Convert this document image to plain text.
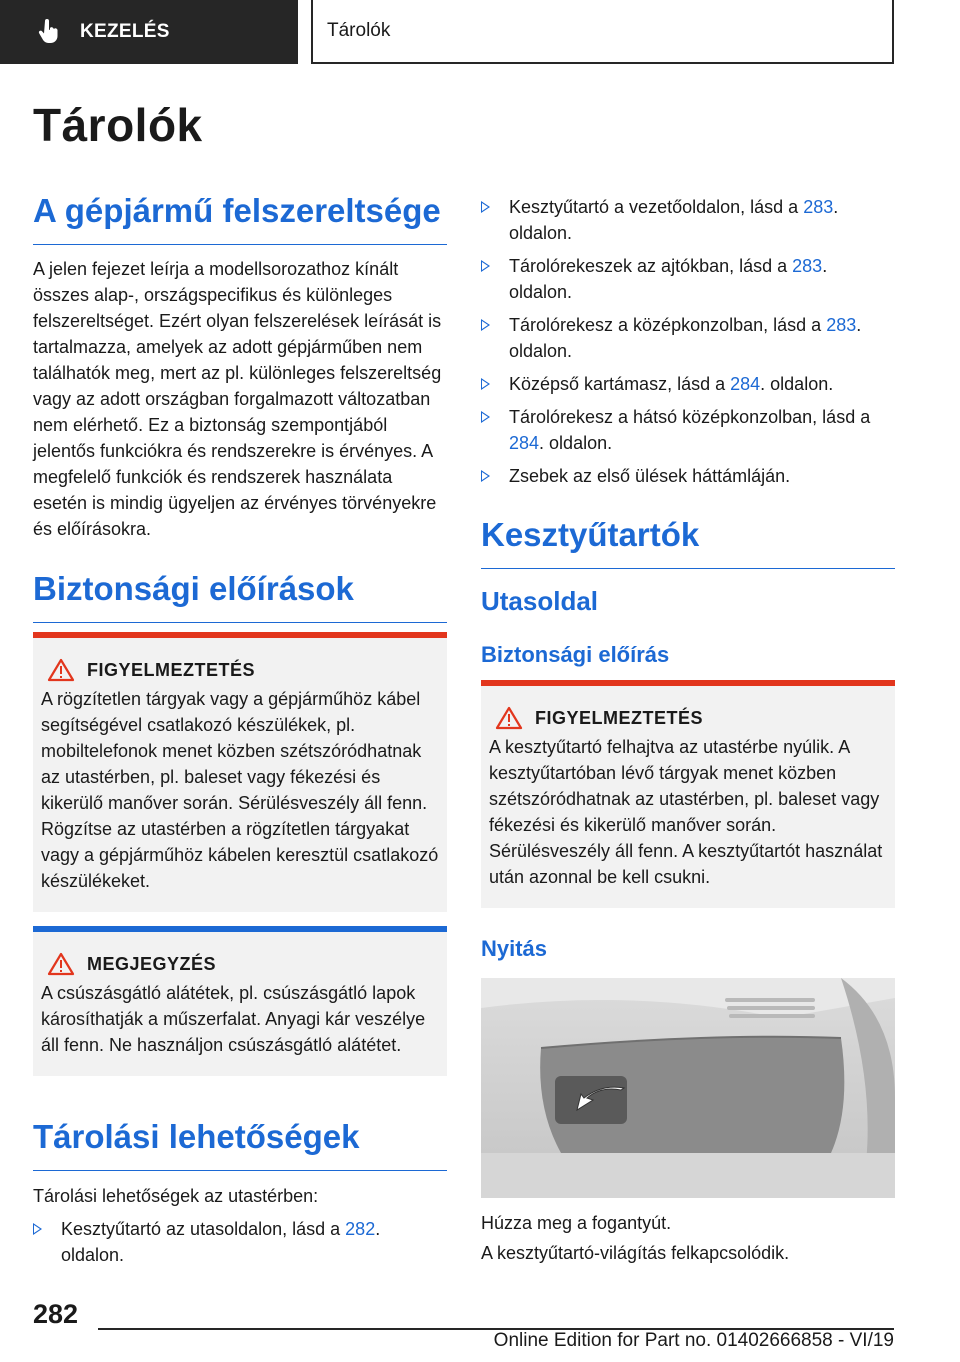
KEZELÉS	Tárolók
Tárolók
A gépjármű felszereltsége

A jelen fejezet leírja a modellsorozathoz kínált összes alap-, országspecifikus és különleges felszereltséget. Ezért olyan felszerelések leírását is tartalmazza, amelyek az adott gépjárműben nem találhatók meg, mert az pl. különleges felszereltség vagy az adott országban forgalmazott változatban nem elérhető. Ez a biztonság szempontjából jelentős funkciókra és rendszerekre is érvényes. A megfelelő funkciók és rendszerek használata esetén is mindig ügyeljen az érvényes törvényekre és előírásokra.

Biztonsági előírások
FIGYELMEZTETÉS

A rögzítetlen tárgyak vagy a gépjárműhöz kábel segítségével csatlakozó készülékek, pl. mobiltelefonok menet közben szétszóródhatnak az utastérben, pl. baleset vagy fékezési és kikerülő manőver során. Sérülésveszély áll fenn. Rögzítse az utastérben a rögzítetlen tárgyakat vagy a gépjárműhöz kábelen keresztül csatlakozó készülékeket.

MEGJEGYZÉS

A csúszásgátló alátétek, pl. csúszásgátló lapok károsíthatják a műszerfalat. Anyagi kár veszélye áll fenn. Ne használjon csúszásgátló alátétet.

Tárolási lehetőségek

Tárolási lehetőségek az utastérben:

Kesztyűtartó az utasoldalon, lásd a 282. oldalon.
Kesztyűtartó a vezetőoldalon, lásd a 283. oldalon.
Tárolórekeszek az ajtókban, lásd a 283. oldalon.
Tárolórekesz a középkonzolban, lásd a 283. oldalon.
Középső kartámasz, lásd a 284. oldalon.
Tárolórekesz a hátsó középkonzolban, lásd a 284. oldalon.
Zsebek az első ülések háttámláján.
Kesztyűtartók
Utasoldal
Biztonsági előírás
FIGYELMEZTETÉS

A kesztyűtartó felhajtva az utastérbe nyúlik. A kesztyűtartóban lévő tárgyak menet közben szétszóródhatnak az utastérben, pl. baleset vagy fékezési és kikerülő manőver során. Sérülésveszély áll fenn. A kesztyűtartót használat után azonnal be kell csukni.

Nyitás

Húzza meg a fogantyút.

A kesztyűtartó-világítás felkapcsolódik.

282
Online Edition for Part no. 01402666858 - VI/19
